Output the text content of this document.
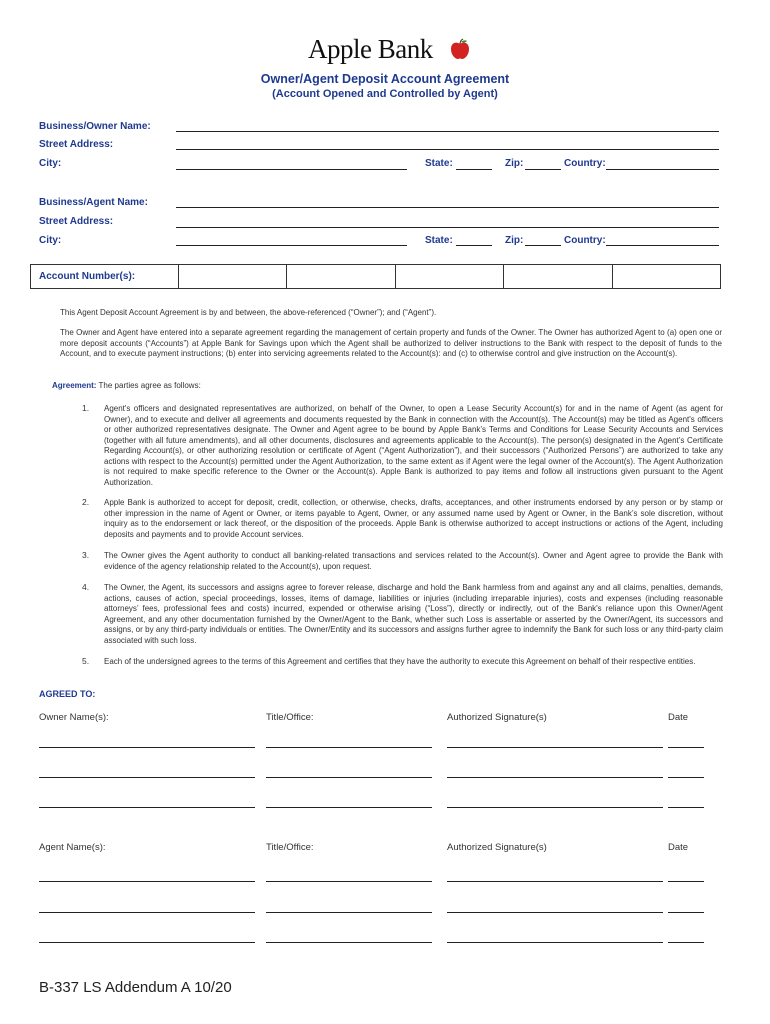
Apple Bank
Owner/Agent Deposit Account Agreement
(Account Opened and Controlled by Agent)
Business/Owner Name:
Street Address:
City:	State:	Zip:	Country:
Business/Agent Name:
Street Address:
City:	State:	Zip:	Country:
Account Number(s):
This Agent Deposit Account Agreement is by and between, the above-referenced (“Owner”); and (“Agent”).
The Owner and Agent have entered into a separate agreement regarding the management of certain property and funds of the Owner. The Owner has authorized Agent to (a) open one or more deposit accounts (“Accounts”) at Apple Bank for Savings upon which the Agent shall be authorized to deliver instructions to the Bank with respect to the deposit of funds to the Account, and to execute payment instructions; (b) enter into servicing agreements related to the Account(s): and (c) to otherwise control and give instruction on the Account(s).
Agreement: The parties agree as follows:
1. Agent's officers and designated representatives are authorized, on behalf of the Owner, to open a Lease Security Account(s) for and in the name of Agent (as agent for Owner), and to execute and deliver all agreements and documents requested by the Bank in connection with the Account(s). The Account(s) may be titled as Agent's officers or other authorized representatives designate. The Owner and Agent agree to be bound by Apple Bank’s Terms and Conditions for Lease Security Accounts and Services (together with all future amendments), and all other documents, disclosures and agreements applicable to the Account(s). The person(s) designated in the Agent’s Certificate Regarding Account(s), or other authorizing resolution or certificate of Agent (“Agent Authorization”), and their successors (“Authorized Persons”) are authorized to take any actions with respect to the Account(s) permitted under the Agent Authorization, to the same extent as if Agent were the legal owner of the Account(s). The Agent Authorization is not required to make specific reference to the Owner or the Account(s). Apple Bank is authorized to pay items and follow all instructions given pursuant to the Agent Authorization.
2. Apple Bank is authorized to accept for deposit, credit, collection, or otherwise, checks, drafts, acceptances, and other instruments endorsed by any person or by stamp or other impression in the name of Agent or Owner, or items payable to Agent, Owner, or any assumed name used by Agent or Owner, in the Bank’s sole discretion, without inquiry as to the endorsement or lack thereof, or the disposition of the proceeds. Apple Bank is otherwise authorized to accept instructions or actions of the Agent, including deposits and payments and to provide Account services.
3. The Owner gives the Agent authority to conduct all banking-related transactions and services related to the Account(s). Owner and Agent agree to provide the Bank with evidence of the agency relationship related to the Account(s), upon request.
4. The Owner, the Agent, its successors and assigns agree to forever release, discharge and hold the Bank harmless from and against any and all claims, penalties, demands, actions, causes of action, special proceedings, losses, items of damage, liabilities or injuries (including irreparable injuries), costs and expenses (including reasonable attorneys’ fees, professional fees and costs) incurred, expended or otherwise arising (“Loss”), directly or indirectly, out of the Bank's reliance upon this Owner/Agent Agreement, and any other documentation furnished by the Owner/Agent to the Bank, whether such Loss is assertable or asserted by the Owner/Agent, its successors and assigns, or by any third-party individuals or entities. The Owner/Entity and its successors and assigns further agree to indemnify the Bank for such loss or any third-party claim associated with such loss.
5. Each of the undersigned agrees to the terms of this Agreement and certifies that they have the authority to execute this Agreement on behalf of their respective entities.
AGREED TO:
Owner Name(s):	Title/Office:	Authorized Signature(s)	Date
Agent Name(s):	Title/Office:	Authorized Signature(s)	Date
B-337 LS Addendum A 10/20
